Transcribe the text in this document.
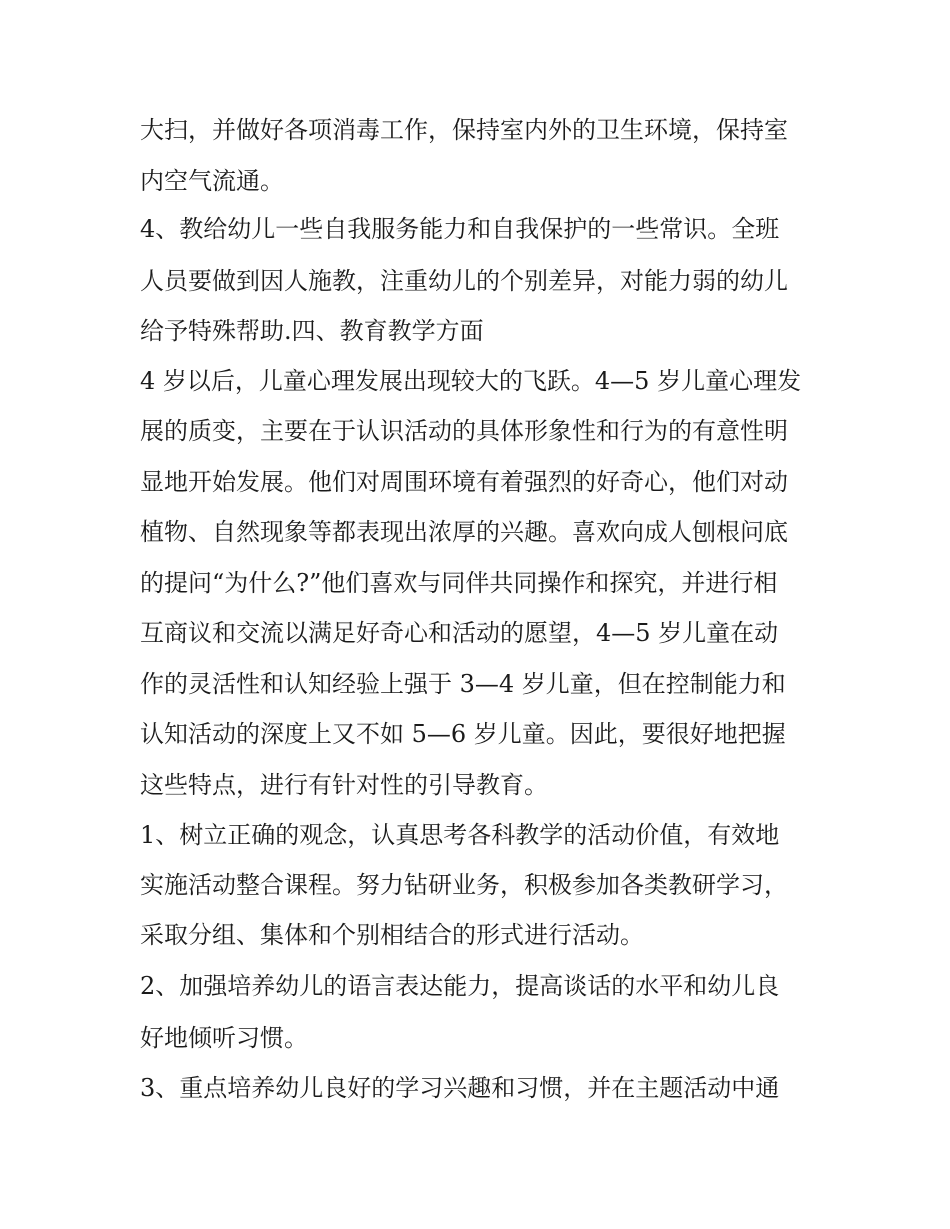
大扫，并做好各项消毒工作，保持室内外的卫生环境，保持室
内空气流通。
4、教给幼儿一些自我服务能力和自我保护的一些常识。全班
人员要做到因人施教，注重幼儿的个别差异，对能力弱的幼儿
给予特殊帮助.四、教育教学方面
4 岁以后，儿童心理发展出现较大的飞跃。4—5 岁儿童心理发
展的质变，主要在于认识活动的具体形象性和行为的有意性明
显地开始发展。他们对周围环境有着强烈的好奇心，他们对动
植物、自然现象等都表现出浓厚的兴趣。喜欢向成人刨根问底
的提问“为什么?”他们喜欢与同伴共同操作和探究，并进行相
互商议和交流以满足好奇心和活动的愿望，4—5 岁儿童在动
作的灵活性和认知经验上强于 3—4 岁儿童，但在控制能力和
认知活动的深度上又不如 5—6 岁儿童。因此，要很好地把握
这些特点，进行有针对性的引导教育。
1、树立正确的观念，认真思考各科教学的活动价值，有效地
实施活动整合课程。努力钻研业务，积极参加各类教研学习，
采取分组、集体和个别相结合的形式进行活动。
2、加强培养幼儿的语言表达能力，提高谈话的水平和幼儿良
好地倾听习惯。
3、重点培养幼儿良好的学习兴趣和习惯，并在主题活动中通
